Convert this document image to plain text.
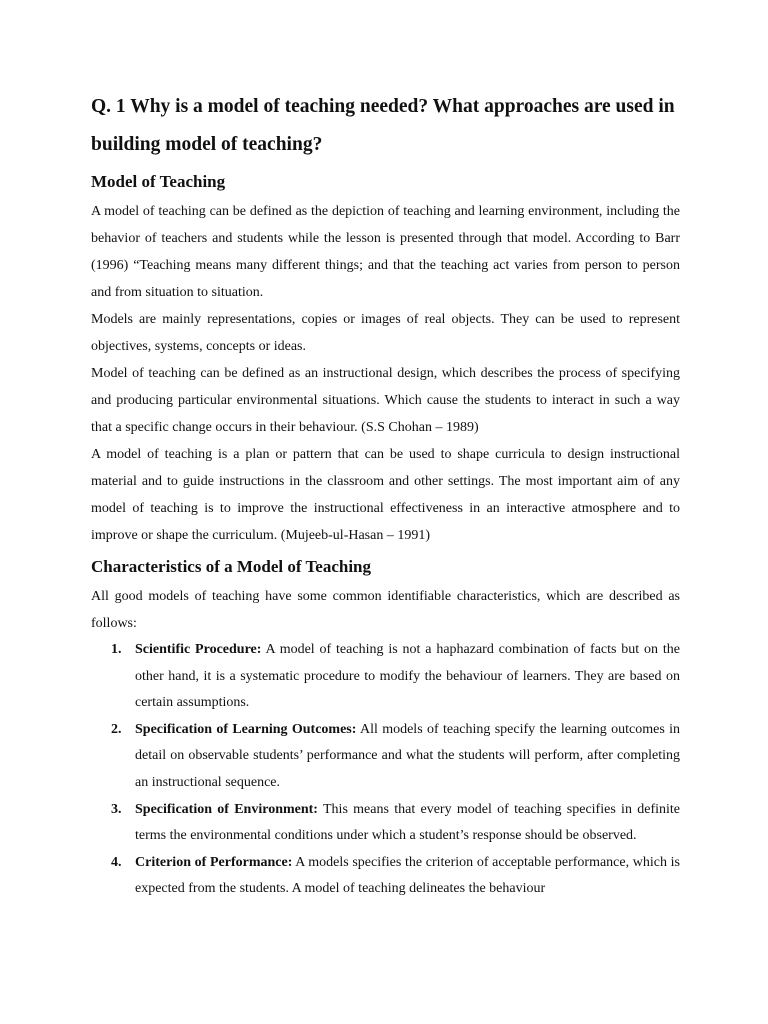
Q. 1 Why is a model of teaching needed? What approaches are used in building model of teaching?
Model of Teaching

A model of teaching can be defined as the depiction of teaching and learning environment, including the behavior of teachers and students while the lesson is presented through that model. According to Barr (1996) “Teaching means many different things; and that the teaching act varies from person to person and from situation to situation.

Models are mainly representations, copies or images of real objects. They can be used to represent objectives, systems, concepts or ideas.

Model of teaching can be defined as an instructional design, which describes the process of specifying and producing particular environmental situations. Which cause the students to interact in such a way that a specific change occurs in their behaviour. (S.S Chohan – 1989)

A model of teaching is a plan or pattern that can be used to shape curricula to design instructional material and to guide instructions in the classroom and other settings. The most important aim of any model of teaching is to improve the instructional effectiveness in an interactive atmosphere and to improve or shape the curriculum. (Mujeeb-ul-Hasan – 1991)

Characteristics of a Model of Teaching

All good models of teaching have some common identifiable characteristics, which are described as follows:

1. Scientific Procedure: A model of teaching is not a haphazard combination of facts but on the other hand, it is a systematic procedure to modify the behaviour of learners. They are based on certain assumptions.
2. Specification of Learning Outcomes: All models of teaching specify the learning outcomes in detail on observable students’ performance and what the students will perform, after completing an instructional sequence.
3. Specification of Environment: This means that every model of teaching specifies in definite terms the environmental conditions under which a student’s response should be observed.
4. Criterion of Performance: A models specifies the criterion of acceptable performance, which is expected from the students. A model of teaching delineates the behaviour
